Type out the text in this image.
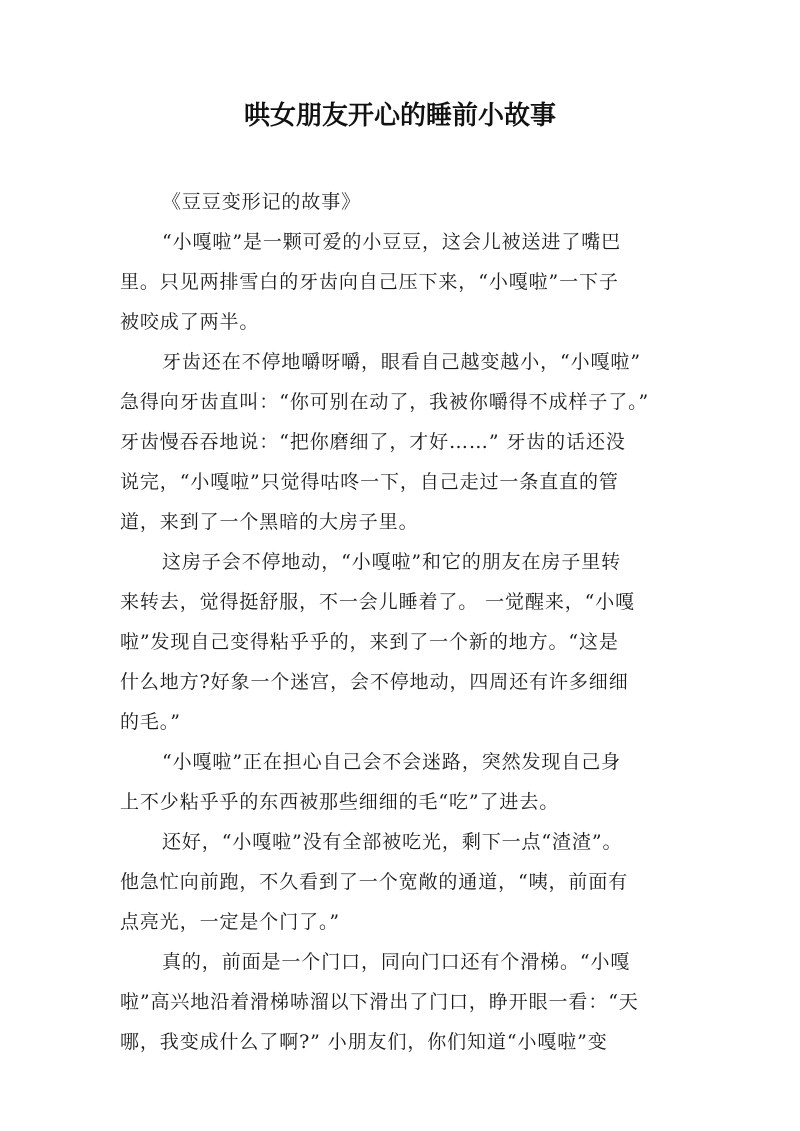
哄女朋友开心的睡前小故事
《豆豆变形记的故事》
“小嘎啦”是一颗可爱的小豆豆，这会儿被送进了嘴巴
里。只见两排雪白的牙齿向自己压下来，“小嘎啦”一下子
被咬成了两半。
牙齿还在不停地嚼呀嚼，眼看自己越变越小，“小嘎啦”
急得向牙齿直叫：“你可别在动了，我被你嚼得不成样子了。”
牙齿慢吞吞地说：“把你磨细了，才好……” 牙齿的话还没
说完，“小嘎啦”只觉得咕咚一下，自己走过一条直直的管
道，来到了一个黑暗的大房子里。
这房子会不停地动，“小嘎啦”和它的朋友在房子里转
来转去，觉得挺舒服，不一会儿睡着了。 一觉醒来，“小嘎
啦”发现自己变得粘乎乎的，来到了一个新的地方。“这是
什么地方?好象一个迷宫，会不停地动，四周还有许多细细
的毛。”
“小嘎啦”正在担心自己会不会迷路，突然发现自己身
上不少粘乎乎的东西被那些细细的毛“吃”了进去。
还好，“小嘎啦”没有全部被吃光，剩下一点“渣渣”。
他急忙向前跑，不久看到了一个宽敞的通道，“咦，前面有
点亮光，一定是个门了。”
真的，前面是一个门口，同向门口还有个滑梯。“小嘎
啦”高兴地沿着滑梯哧溜以下滑出了门口，睁开眼一看：“天
哪，我变成什么了啊?” 小朋友们，你们知道“小嘎啦”变
